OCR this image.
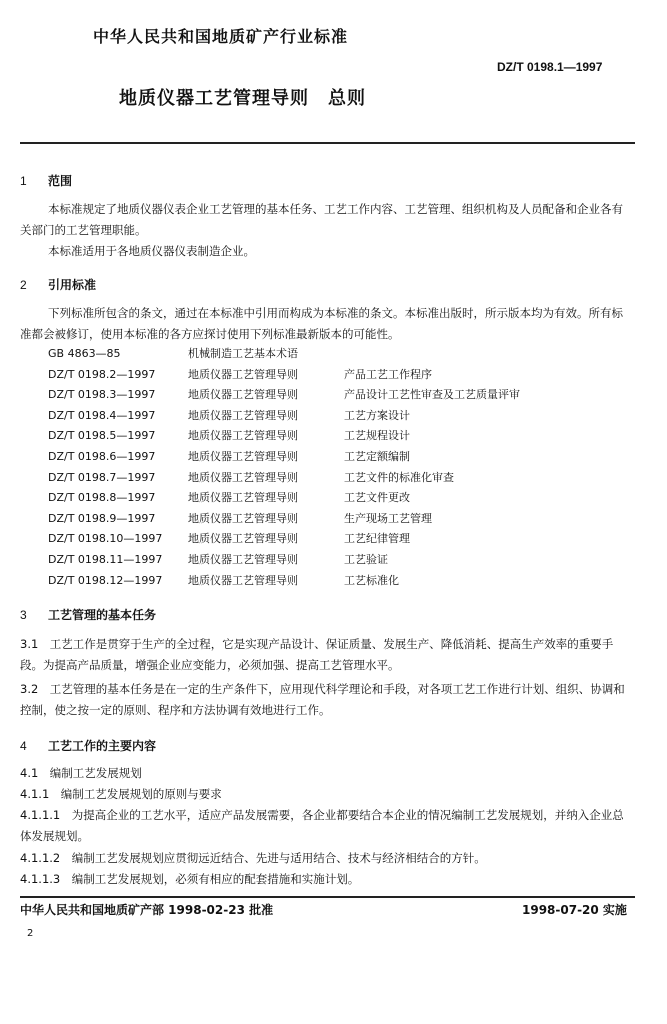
中华人民共和国地质矿产行业标准
DZ/T 0198.1—1997
地质仪器工艺管理导则　总则
1 范围
本标准规定了地质仪器仪表企业工艺管理的基本任务、工艺工作内容、工艺管理、组织机构及人员配备和企业各有关部门的工艺管理职能。
本标准适用于各地质仪器仪表制造企业。
2 引用标准
下列标准所包含的条文，通过在本标准中引用而构成为本标准的条文。本标准出版时，所示版本均为有效。所有标准都会被修订，使用本标准的各方应探讨使用下列标准最新版本的可能性。
GB 4863—85	机械制造工艺基本术语
DZ/T 0198.2—1997	地质仪器工艺管理导则	产品工艺工作程序
DZ/T 0198.3—1997	地质仪器工艺管理导则	产品设计工艺性审查及工艺质量评审
DZ/T 0198.4—1997	地质仪器工艺管理导则	工艺方案设计
DZ/T 0198.5—1997	地质仪器工艺管理导则	工艺规程设计
DZ/T 0198.6—1997	地质仪器工艺管理导则	工艺定额编制
DZ/T 0198.7—1997	地质仪器工艺管理导则	工艺文件的标准化审查
DZ/T 0198.8—1997	地质仪器工艺管理导则	工艺文件更改
DZ/T 0198.9—1997	地质仪器工艺管理导则	生产现场工艺管理
DZ/T 0198.10—1997 地质仪器工艺管理导则	工艺纪律管理
DZ/T 0198.11—1997 地质仪器工艺管理导则	工艺验证
DZ/T 0198.12—1997 地质仪器工艺管理导则	工艺标准化
3 工艺管理的基本任务
3.1　工艺工作是贯穿于生产的全过程，它是实现产品设计、保证质量、发展生产、降低消耗、提高生产效率的重要手段。为提高产品质量，增强企业应变能力，必须加强、提高工艺管理水平。
3.2　工艺管理的基本任务是在一定的生产条件下，应用现代科学理论和手段，对各项工艺工作进行计划、组织、协调和控制，使之按一定的原则、程序和方法协调有效地进行工作。
4 工艺工作的主要内容
4.1　编制工艺发展规划
4.1.1　编制工艺发展规划的原则与要求
4.1.1.1　为提高企业的工艺水平，适应产品发展需要，各企业都要结合本企业的情况编制工艺发展规划，并纳入企业总体发展规划。
4.1.1.2　编制工艺发展规划应贯彻远近结合、先进与适用结合、技术与经济相结合的方针。
4.1.1.3　编制工艺发展规划，必须有相应的配套措施和实施计划。
中华人民共和国地质矿产部 1998-02-23 批准	1998-07-20 实施
2
